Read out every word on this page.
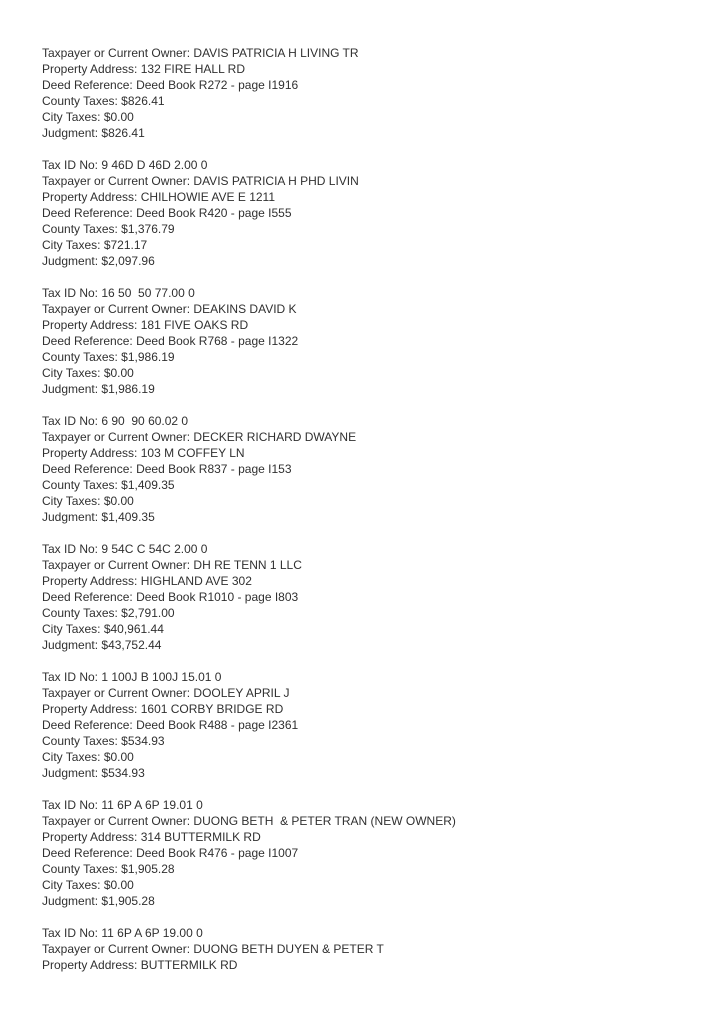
Taxpayer or Current Owner: DAVIS PATRICIA H LIVING TR
Property Address: 132 FIRE HALL RD
Deed Reference: Deed Book R272 - page I1916
County Taxes: $826.41
City Taxes: $0.00
Judgment: $826.41
Tax ID No: 9 46D D 46D 2.00 0
Taxpayer or Current Owner: DAVIS PATRICIA H PHD LIVIN
Property Address: CHILHOWIE AVE E 1211
Deed Reference: Deed Book R420 - page I555
County Taxes: $1,376.79
City Taxes: $721.17
Judgment: $2,097.96
Tax ID No: 16 50  50 77.00 0
Taxpayer or Current Owner: DEAKINS DAVID K
Property Address: 181 FIVE OAKS RD
Deed Reference: Deed Book R768 - page I1322
County Taxes: $1,986.19
City Taxes: $0.00
Judgment: $1,986.19
Tax ID No: 6 90  90 60.02 0
Taxpayer or Current Owner: DECKER RICHARD DWAYNE
Property Address: 103 M COFFEY LN
Deed Reference: Deed Book R837 - page I153
County Taxes: $1,409.35
City Taxes: $0.00
Judgment: $1,409.35
Tax ID No: 9 54C C 54C 2.00 0
Taxpayer or Current Owner: DH RE TENN 1 LLC
Property Address: HIGHLAND AVE 302
Deed Reference: Deed Book R1010 - page I803
County Taxes: $2,791.00
City Taxes: $40,961.44
Judgment: $43,752.44
Tax ID No: 1 100J B 100J 15.01 0
Taxpayer or Current Owner: DOOLEY APRIL J
Property Address: 1601 CORBY BRIDGE RD
Deed Reference: Deed Book R488 - page I2361
County Taxes: $534.93
City Taxes: $0.00
Judgment: $534.93
Tax ID No: 11 6P A 6P 19.01 0
Taxpayer or Current Owner: DUONG BETH  & PETER TRAN (NEW OWNER)
Property Address: 314 BUTTERMILK RD
Deed Reference: Deed Book R476 - page I1007
County Taxes: $1,905.28
City Taxes: $0.00
Judgment: $1,905.28
Tax ID No: 11 6P A 6P 19.00 0
Taxpayer or Current Owner: DUONG BETH DUYEN & PETER T
Property Address: BUTTERMILK RD
